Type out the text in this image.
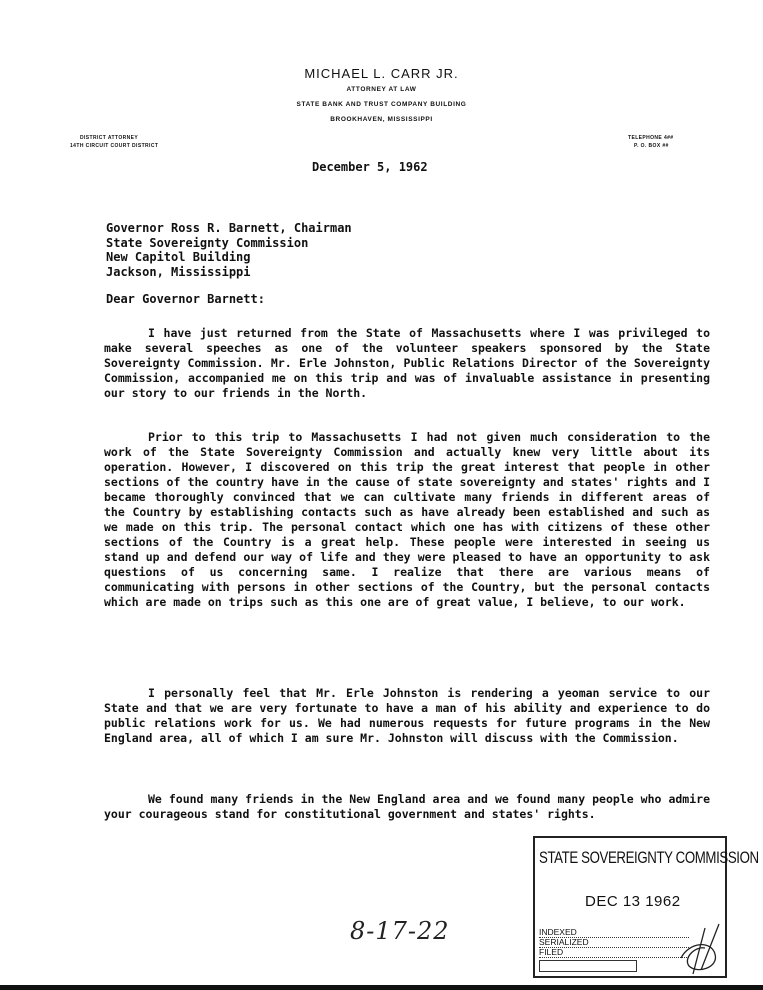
MICHAEL L. CARR JR.
ATTORNEY AT LAW
STATE BANK AND TRUST COMPANY BUILDING
BROOKHAVEN, MISSISSIPPI
DISTRICT ATTORNEY
14TH CIRCUIT COURT DISTRICT
TELEPHONE 4##
P. O. BOX ##
December 5, 1962
Governor Ross R. Barnett, Chairman
State Sovereignty Commission
New Capitol Building
Jackson, Mississippi
Dear Governor Barnett:
I have just returned from the State of Massachusetts where I was privileged to make several speeches as one of the volunteer speakers sponsored by the State Sovereignty Commission. Mr. Erle Johnston, Public Relations Director of the Sovereignty Commission, accompanied me on this trip and was of invaluable assistance in presenting our story to our friends in the North.
Prior to this trip to Massachusetts I had not given much consideration to the work of the State Sovereignty Commission and actually knew very little about its operation. However, I discovered on this trip the great interest that people in other sections of the country have in the cause of state sovereignty and states' rights and I became thoroughly convinced that we can cultivate many friends in different areas of the Country by establishing contacts such as have already been established and such as we made on this trip. The personal contact which one has with citizens of these other sections of the Country is a great help. These people were interested in seeing us stand up and defend our way of life and they were pleased to have an opportunity to ask questions of us concerning same. I realize that there are various means of communicating with persons in other sections of the Country, but the personal contacts which are made on trips such as this one are of great value, I believe, to our work.
I personally feel that Mr. Erle Johnston is rendering a yeoman service to our State and that we are very fortunate to have a man of his ability and experience to do public relations work for us. We had numerous requests for future programs in the New England area, all of which I am sure Mr. Johnston will discuss with the Commission.
We found many friends in the New England area and we found many people who admire your courageous stand for constitutional government and states' rights.
STATE SOVEREIGNTY COMMISSION
DEC 13 1962
INDEXED
SERIALIZED
FILED
8-17-22
